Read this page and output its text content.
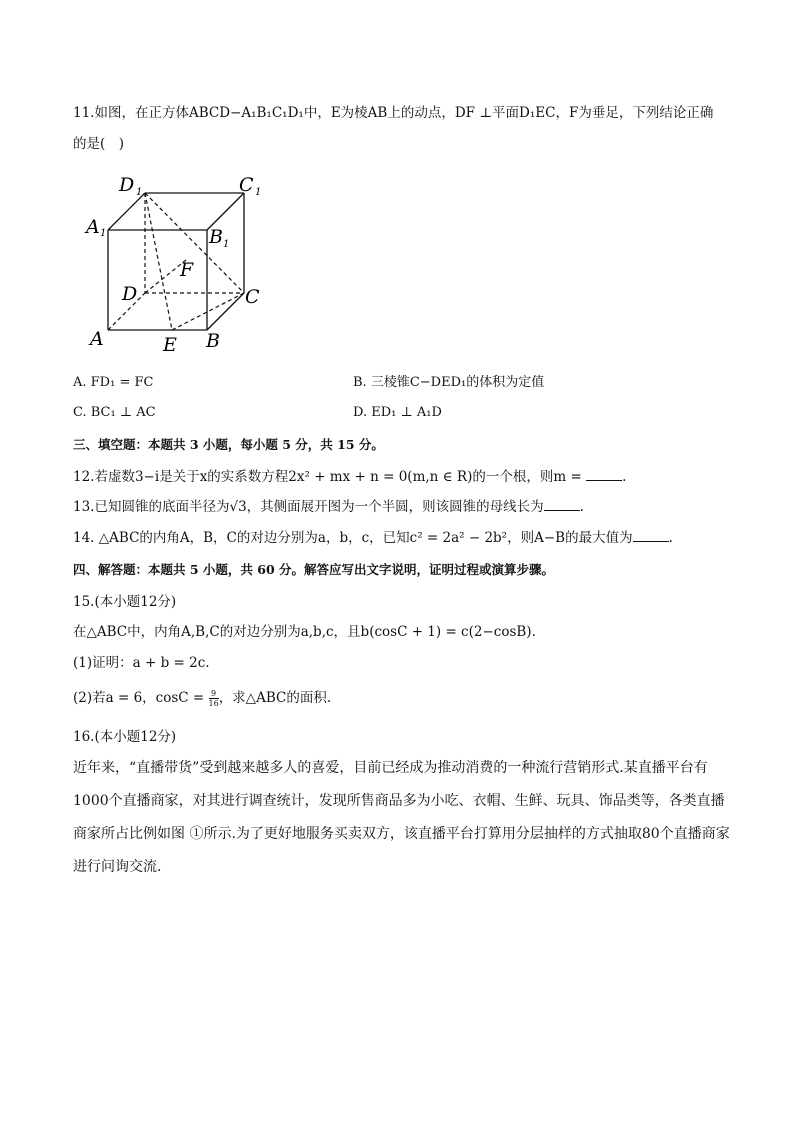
11.如图，在正方体ABCD−A₁B₁C₁D₁中，E为棱AB上的动点，DF ⊥平面D₁EC，F为垂足，下列结论正确
的是(　)
D 1	C 1
A 1	B 1
F
D	C
A	E B
A. FD₁ = FC	B. 三棱锥C−DED₁的体积为定值
C. BC₁ ⊥ AC	D. ED₁ ⊥ A₁D
三、填空题：本题共 3 小题，每小题 5 分，共 15 分。
12.若虚数3−i是关于x的实系数方程2x² + mx + n = 0(m,n ∈ R)的一个根，则m =	.
13.已知圆锥的底面半径为√3，其侧面展开图为一个半圆，则该圆锥的母线长为	.
14. △ABC的内角A，B，C的对边分别为a，b，c，已知c² = 2a² − 2b²，则A−B的最大值为	.
四、解答题：本题共 5 小题，共 60 分。解答应写出文字说明，证明过程或演算步骤。
15.(本小题12分)
在△ABC中，内角A,B,C的对边分别为a,b,c，且b(cosC + 1) = c(2−cosB).
(1)证明：a + b = 2c.
(2)若a = 6，$\cos C = \frac{9}{16}$ ，求△ABC的面积.
16.(本小题12分)
近年来，“直播带货”受到越来越多人的喜爱，目前已经成为推动消费的一种流行营销形式.某直播平台有1000个直播商家，对其进行调查统计，发现所售商品多为小吃、衣帽、生鲜、玩具、饰品类等，各类直播商家所占比例如图 ①所示.为了更好地服务买卖双方，该直播平台打算用分层抽样的方式抽取80个直播商家进行问询交流.
